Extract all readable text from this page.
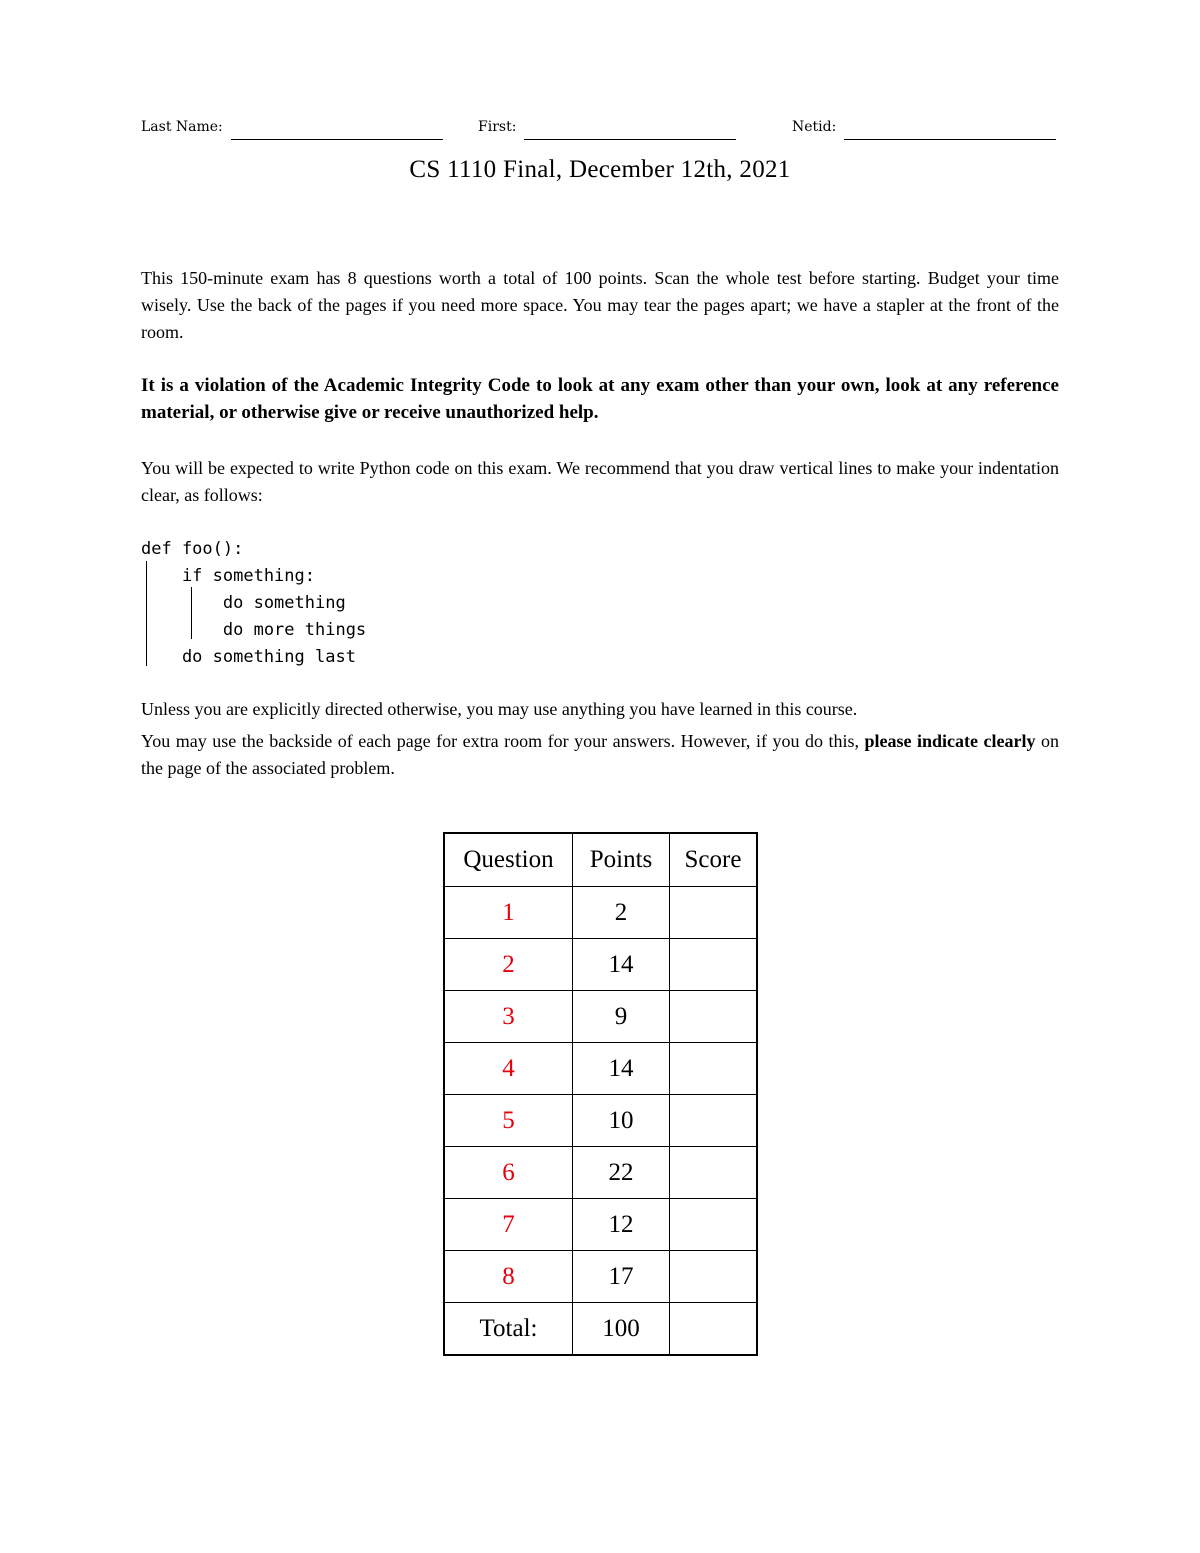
Last Name:	First:	Netid:
CS 1110 Final, December 12th, 2021
This 150-minute exam has 8 questions worth a total of 100 points. Scan the whole test before starting. Budget your time wisely. Use the back of the pages if you need more space. You may tear the pages apart; we have a stapler at the front of the room.
It is a violation of the Academic Integrity Code to look at any exam other than your own, look at any reference material, or otherwise give or receive unauthorized help.
You will be expected to write Python code on this exam. We recommend that you draw vertical lines to make your indentation clear, as follows:
def foo():
if something:
do something
do more things
do something last
Unless you are explicitly directed otherwise, you may use anything you have learned in this course.
You may use the backside of each page for extra room for your answers. However, if you do this, please indicate clearly on the page of the associated problem.
Question	Points	Score
1	2	
2	14	
3	9	
4	14	
5	10	
6	22	
7	12	
8	17	
Total:	100	
